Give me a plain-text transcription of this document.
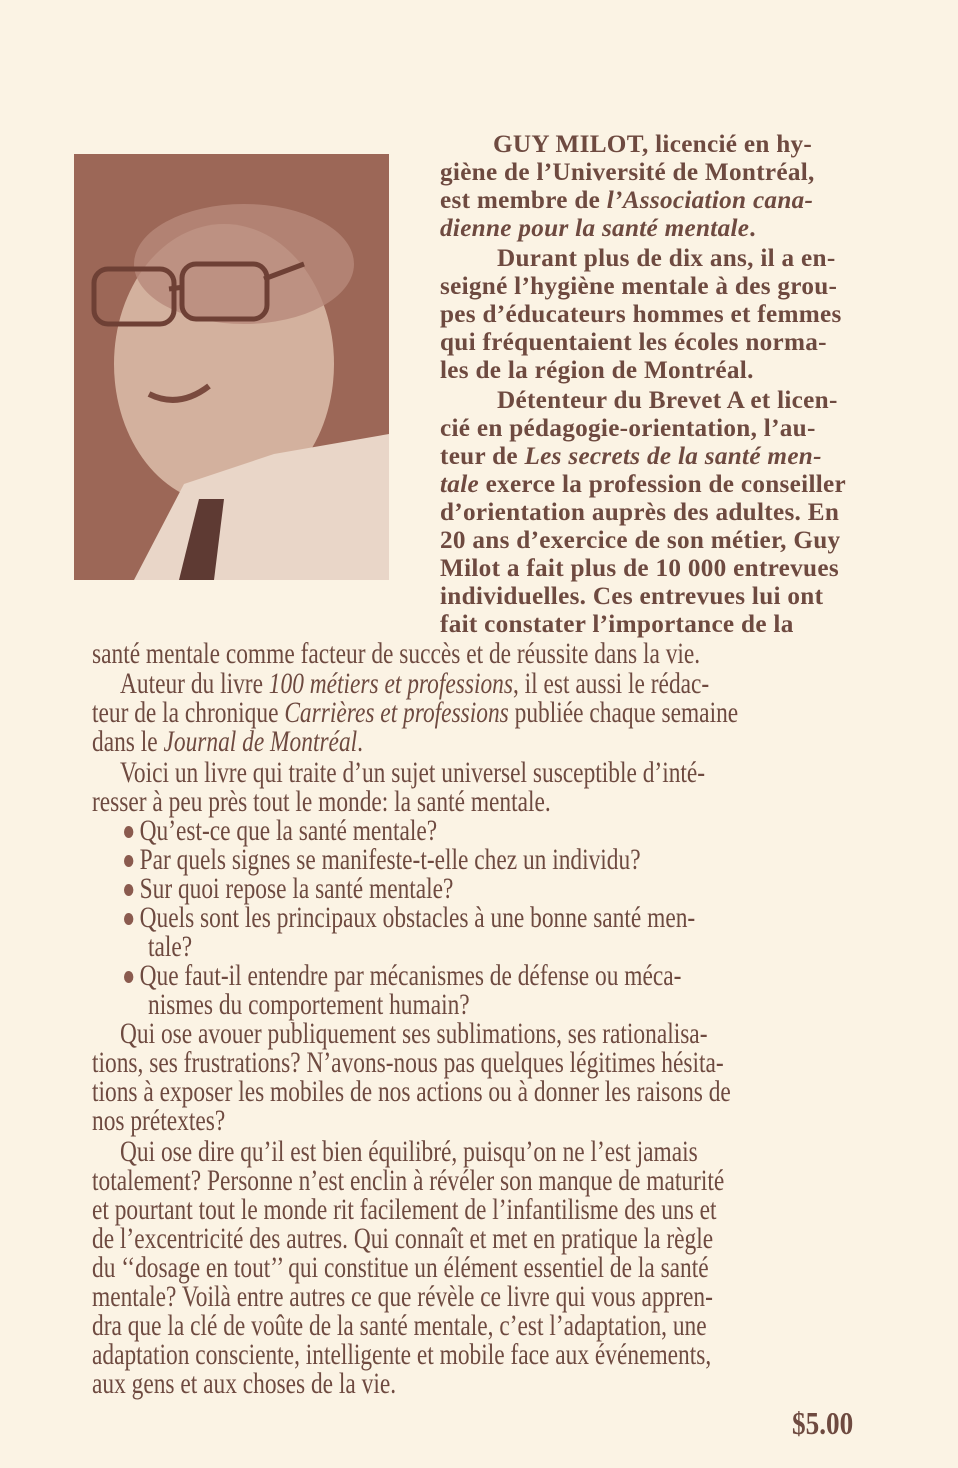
GUY MILOT, licencié en hy-
giène de l’Université de Montréal,
est membre de l’Association cana-
dienne pour la santé mentale.
Durant plus de dix ans, il a en-
seigné l’hygiène mentale à des grou-
pes d’éducateurs hommes et femmes
qui fréquentaient les écoles norma-
les de la région de Montréal.
Détenteur du Brevet A et licen-
cié en pédagogie-orientation, l’au-
teur de Les secrets de la santé men-
tale exerce la profession de conseiller
d’orientation auprès des adultes. En
20 ans d’exercice de son métier, Guy
Milot a fait plus de 10 000 entrevues
individuelles. Ces entrevues lui ont
fait constater l’importance de la
santé mentale comme facteur de succès et de réussite dans la vie.
Auteur du livre 100 métiers et professions, il est aussi le rédac-
teur de la chronique Carrières et professions publiée chaque semaine
dans le Journal de Montréal.
Voici un livre qui traite d’un sujet universel susceptible d’inté-
resser à peu près tout le monde: la santé mentale.
Qu’est-ce que la santé mentale?
Par quels signes se manifeste-t-elle chez un individu?
Sur quoi repose la santé mentale?
Quels sont les principaux obstacles à une bonne santé men-
tale?
Que faut-il entendre par mécanismes de défense ou méca-
nismes du comportement humain?
Qui ose avouer publiquement ses sublimations, ses rationalisa-
tions, ses frustrations? N’avons-nous pas quelques légitimes hésita-
tions à exposer les mobiles de nos actions ou à donner les raisons de
nos prétextes?
Qui ose dire qu’il est bien équilibré, puisqu’on ne l’est jamais
totalement? Personne n’est enclin à révéler son manque de maturité
et pourtant tout le monde rit facilement de l’infantilisme des uns et
de l’excentricité des autres. Qui connaît et met en pratique la règle
du ‘‘dosage en tout’’ qui constitue un élément essentiel de la santé
mentale? Voilà entre autres ce que révèle ce livre qui vous appren-
dra que la clé de voûte de la santé mentale, c’est l’adaptation, une
adaptation consciente, intelligente et mobile face aux événements,
aux gens et aux choses de la vie.
$5.00
